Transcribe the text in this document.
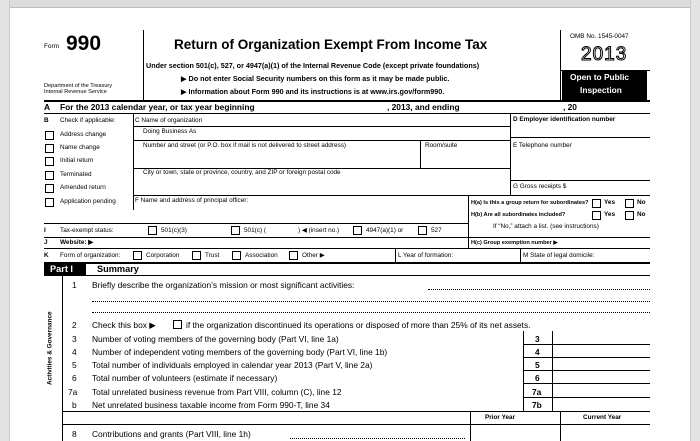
Form 990
Department of the Treasury
Internal Revenue Service
Return of Organization Exempt From Income Tax
Under section 501(c), 527, or 4947(a)(1) of the Internal Revenue Code (except private foundations)
▶ Do not enter Social Security numbers on this form as it may be made public.
▶ Information about Form 990 and its instructions is at www.irs.gov/form990.
OMB No. 1545-0047
2013
Open to Public
Inspection
A For the 2013 calendar year, or tax year beginning	, 2013, and ending	, 20
B Check if applicable:
Address change
Name change
Initial return
Terminated
Amended return
Application pending
C Name of organization
Doing Business As
Number and street (or P.O. box if mail is not delivered to street address)	Room/suite
City or town, state or province, country, and ZIP or foreign postal code
D Employer identification number
E Telephone number
G Gross receipts $
F Name and address of principal officer:	H(a) Is this a group return for subordinates? Yes	No
H(b) Are all subordinates included?	Yes	No
If “No,” attach a list. (see instructions)
I Tax-exempt status:	501(c)(3)	501(c) (	) ◀ (insert no.)	4947(a)(1) or	527
J Website: ▶	H(c) Group exemption number ▶
K Form of organization:	Corporation	Trust	Association	Other ▶	L Year of formation:	M State of legal domicile:
Part I	Summary
Activities & Governance
1 Briefly describe the organization’s mission or most significant activities:
2 Check this box ▶	if the organization discontinued its operations or disposed of more than 25% of its net assets.
3 Number of voting members of the governing body (Part VI, line 1a)	3
4 Number of independent voting members of the governing body (Part VI, line 1b)	4
5 Total number of individuals employed in calendar year 2013 (Part V, line 2a)	5
6 Total number of volunteers (estimate if necessary)	6
7a Total unrelated business revenue from Part VIII, column (C), line 12	7a
b Net unrelated business taxable income from Form 990-T, line 34	7b
Prior Year	Current Year
8 Contributions and grants (Part VIII, line 1h)
